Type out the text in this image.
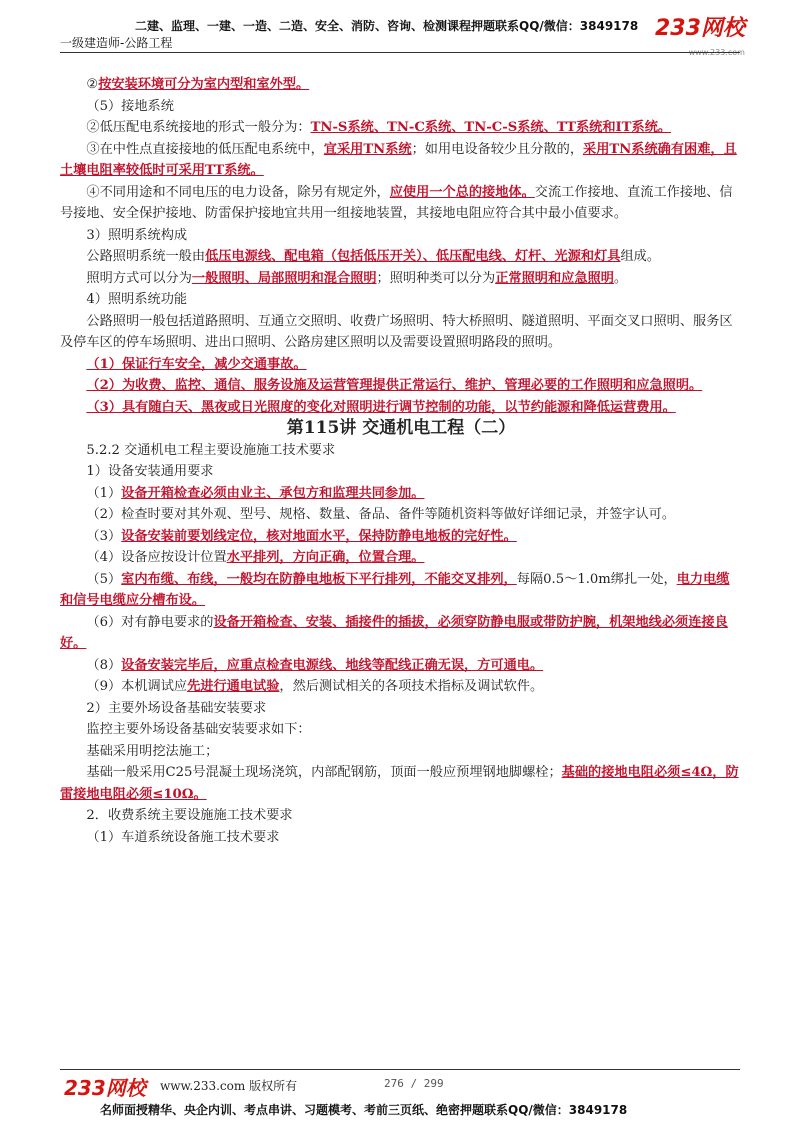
二建、监理、一建、一造、二造、安全、消防、咨询、检测课程押题联系QQ/微信：3849178
一级建造师-公路工程
233网校
www.233.com

②按安装环境可分为室内型和室外型。

（5）接地系统

②低压配电系统接地的形式一般分为：TN-S系统、TN-C系统、TN-C-S系统、TT系统和IT系统。

③在中性点直接接地的低压配电系统中，宜采用TN系统；如用电设备较少且分散的，采用TN系统确有困难，且土壤电阻率较低时可采用TT系统。

④不同用途和不同电压的电力设备，除另有规定外，应使用一个总的接地体。交流工作接地、直流工作接地、信号接地、安全保护接地、防雷保护接地宜共用一组接地装置，其接地电阻应符合其中最小值要求。

3）照明系统构成

公路照明系统一般由低压电源线、配电箱（包括低压开关）、低压配电线、灯杆、光源和灯具组成。

照明方式可以分为一般照明、局部照明和混合照明；照明种类可以分为正常照明和应急照明。

4）照明系统功能

公路照明一般包括道路照明、互通立交照明、收费广场照明、特大桥照明、隧道照明、平面交叉口照明、服务区及停车区的停车场照明、进出口照明、公路房建区照明以及需要设置照明路段的照明。

（1）保证行车安全，减少交通事故。

（2）为收费、监控、通信、服务设施及运营管理提供正常运行、维护、管理必要的工作照明和应急照明。

（3）具有随白天、黑夜或日光照度的变化对照明进行调节控制的功能，以节约能源和降低运营费用。

第115讲 交通机电工程（二）

5.2.2 交通机电工程主要设施施工技术要求

1）设备安装通用要求

（1）设备开箱检查必须由业主、承包方和监理共同参加。

（2）检查时要对其外观、型号、规格、数量、备品、备件等随机资料等做好详细记录，并签字认可。

（3）设备安装前要划线定位，核对地面水平，保持防静电地板的完好性。

（4）设备应按设计位置水平排列，方向正确，位置合理。

（5）室内布缆、布线，一般均在防静电地板下平行排列，不能交叉排列，每隔0.5～1.0m绑扎一处，电力电缆和信号电缆应分槽布设。

（6）对有静电要求的设备开箱检查、安装、插接件的插拔，必须穿防静电服或带防护腕，机架地线必须连接良好。

（8）设备安装完毕后，应重点检查电源线、地线等配线正确无误，方可通电。

（9）本机调试应先进行通电试验，然后测试相关的各项技术指标及调试软件。

2）主要外场设备基础安装要求

监控主要外场设备基础安装要求如下：

基础采用明挖法施工；

基础一般采用C25号混凝土现场浇筑，内部配钢筋，顶面一般应预埋钢地脚螺栓；基础的接地电阻必须≤4Ω，防雷接地电阻必须≤10Ω。

2．收费系统主要设施施工技术要求

（1）车道系统设备施工技术要求

233网校 www.233.com 版权所有	276 / 299
名师面授精华、央企内训、考点串讲、习题模考、考前三页纸、绝密押题联系QQ/微信：3849178
